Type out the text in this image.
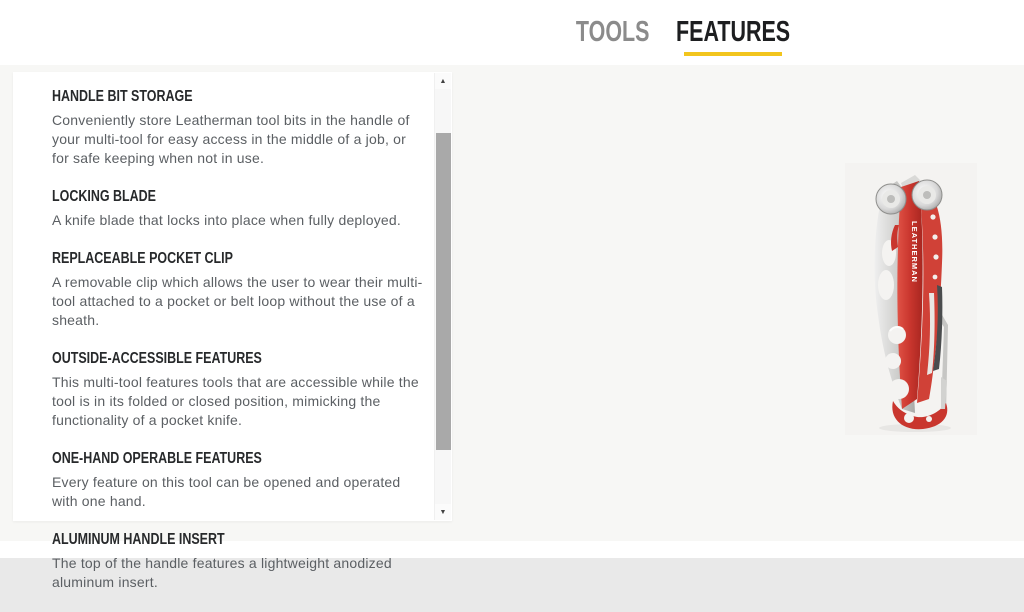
TOOLS FEATURES
HANDLE BIT STORAGE
Conveniently store Leatherman tool bits in the handle of your multi-tool for easy access in the middle of a job, or for safe keeping when not in use.
LOCKING BLADE
A knife blade that locks into place when fully deployed.
REPLACEABLE POCKET CLIP
A removable clip which allows the user to wear their multi-tool attached to a pocket or belt loop without the use of a sheath.
OUTSIDE-ACCESSIBLE FEATURES
This multi-tool features tools that are accessible while the tool is in its folded or closed position, mimicking the functionality of a pocket knife.
ONE-HAND OPERABLE FEATURES
Every feature on this tool can be opened and operated with one hand.
ALUMINUM HANDLE INSERT
The top of the handle features a lightweight anodized aluminum insert.
▲
▼
LEATHERMAN
